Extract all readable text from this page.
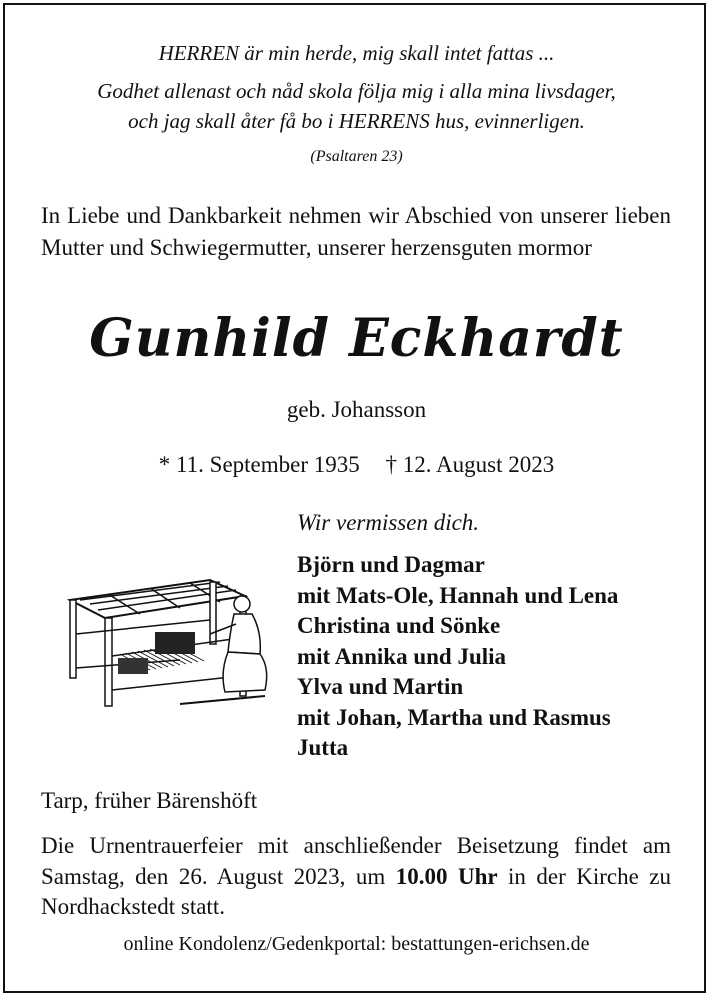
HERREN är min herde, mig skall intet fattas ...
Godhet allenast och nåd skola följa mig i alla mina livsdager,
och jag skall åter få bo i HERRENS hus, evinnerligen.
(Psaltaren 23)
In Liebe und Dankbarkeit nehmen wir Abschied von unserer lieben Mutter und Schwiegermutter, unserer herzensguten mormor
Gunhild Eckhardt
geb. Johansson
* 11. September 1935 † 12. August 2023
Wir vermissen dich.
Björn und Dagmar
mit Mats-Ole, Hannah und Lena
Christina und Sönke
mit Annika und Julia
Ylva und Martin
mit Johan, Martha und Rasmus
Jutta
Tarp, früher Bärenshöft
Die Urnentrauerfeier mit anschließender Beisetzung findet am Samstag, den 26. August 2023, um 10.00 Uhr in der Kirche zu Nordhackstedt statt.
online Kondolenz/Gedenkportal: bestattungen-erichsen.de
